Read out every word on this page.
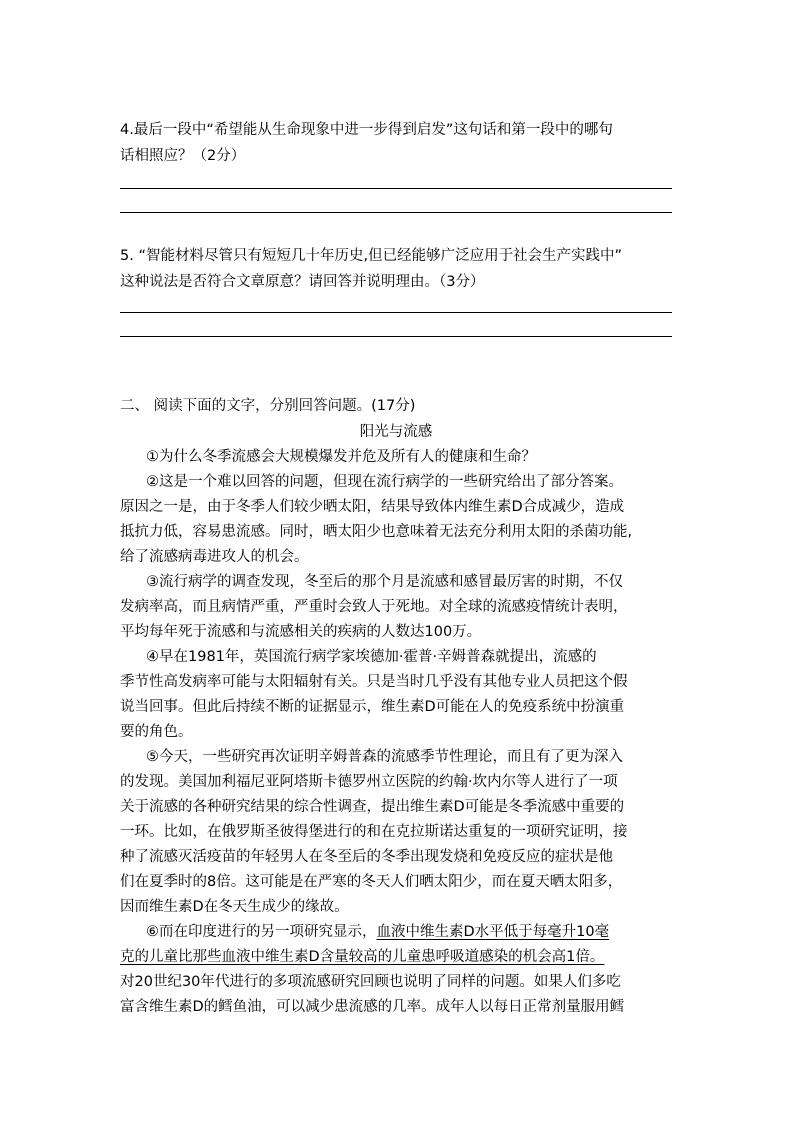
4.最后一段中“希望能从生命现象中进一步得到启发”这句话和第一段中的哪句
话相照应？（2分）
5. “智能材料尽管只有短短几十年历史,但已经能够广泛应用于社会生产实践中”
这种说法是否符合文章原意？请回答并说明理由。（3分）
二、 阅读下面的文字，分别回答问题。(17分)
阳光与流感
①为什么冬季流感会大规模爆发并危及所有人的健康和生命？
②这是一个难以回答的问题，但现在流行病学的一些研究给出了部分答案。
原因之一是，由于冬季人们较少晒太阳，结果导致体内维生素D合成减少，造成
抵抗力低，容易患流感。同时，晒太阳少也意味着无法充分利用太阳的杀菌功能,
给了流感病毒进攻人的机会。
③流行病学的调查发现，冬至后的那个月是流感和感冒最厉害的时期，不仅
发病率高，而且病情严重，严重时会致人于死地。对全球的流感疫情统计表明，
平均每年死于流感和与流感相关的疾病的人数达100万。
④早在1981年，英国流行病学家埃德加·霍普·辛姆普森就提出，流感的
季节性高发病率可能与太阳辐射有关。只是当时几乎没有其他专业人员把这个假
说当回事。但此后持续不断的证据显示，维生素D可能在人的免疫系统中扮演重
要的角色。
⑤今天，一些研究再次证明辛姆普森的流感季节性理论，而且有了更为深入
的发现。美国加利福尼亚阿塔斯卡德罗州立医院的约翰·坎内尔等人进行了一项
关于流感的各种研究结果的综合性调查，提出维生素D可能是冬季流感中重要的
一环。比如，在俄罗斯圣彼得堡进行的和在克拉斯诺达重复的一项研究证明，接
种了流感灭活疫苗的年轻男人在冬至后的冬季出现发烧和免疫反应的症状是他
们在夏季时的8倍。这可能是在严寒的冬天人们晒太阳少，而在夏天晒太阳多，
因而维生素D在冬天生成少的缘故。
⑥而在印度进行的另一项研究显示，血液中维生素D水平低于每毫升10毫
克的儿童比那些血液中维生素D含量较高的儿童患呼吸道感染的机会高1倍。
对20世纪30年代进行的多项流感研究回顾也说明了同样的问题。如果人们多吃
富含维生素D的鳕鱼油，可以减少患流感的几率。成年人以每日正常剂量服用鳕
